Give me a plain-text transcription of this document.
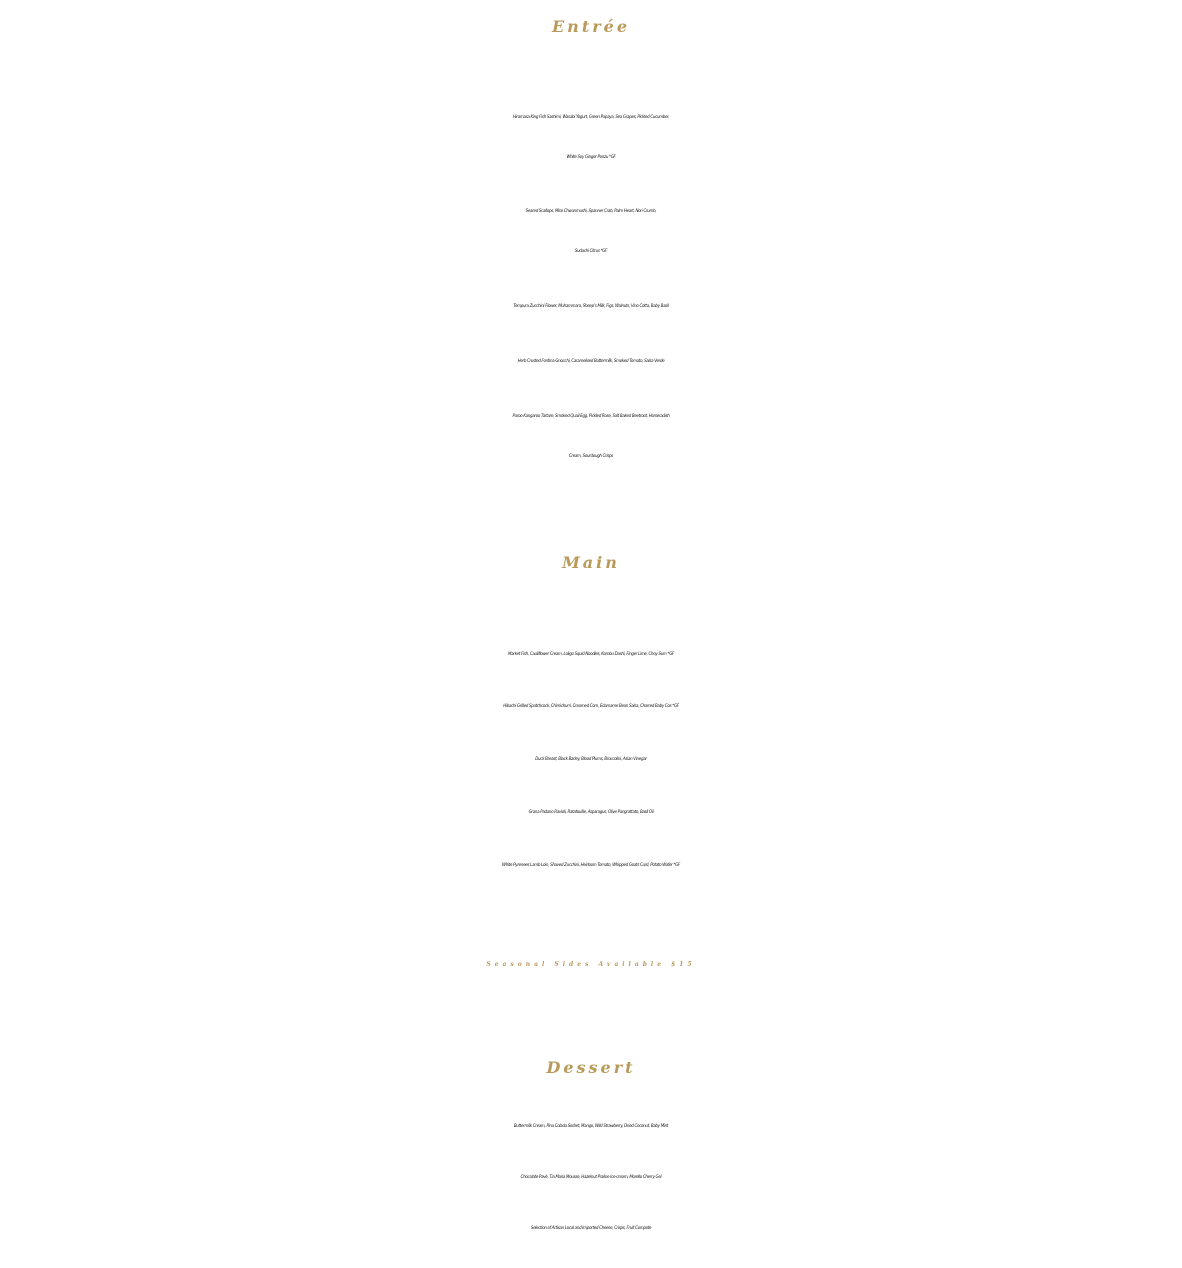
Entrée
Hiramasa King Fish Sashimi, Wasabi Yogurt, Green Papaya, Sea Grapes, Pickled Cucumber,
White Soy Ginger Ponzu *GF
Seared Scallops, Miso Chwanmushi, Spanner Crab, Palm Heart, Nori Crumb,
Sudachi Citrus *GF
Tempura Zucchini Flower, Muhammara, Sheep’s Milk, Figs, Walnuts, Vino Cotta, Baby Basil
Herb Crusted Fontina Gnocchi, Caramelised Buttermilk, Smoked Tomato, Salsa Verde
Paroo Kangaroo Tartare, Smoked Quail Egg, Pickled Rose, Salt Baked Beetroot, Horseradish
Cream, Sourdough Crisps
Main
Market Fish, Cauliflower Cream, Loligo Squid Noodles, Kombu Dashi, Finger Lime, Choy Sum *GF
Hibachi Grilled Spatchcock, Chimichurri, Creamed Corn, Edamame Bean Salsa, Charred Baby Cos *GF
Duck Breast, Black Barley, Blood Plums, Broccolini, Asian Vinegar
Grana Padano Ravioli, Ratatouille, Asparagus, Olive Pangrattato, Basil Oil
White Pyrenees Lamb Loin, Shaved Zucchini, Heirloom Tomato, Whipped Goats Curd, Potato Wafer *GF
Seasonal Sides Available $15
Dessert
Buttermilk Cream, Pina Colada Sorbet, Mango, Wild Strawberry, Dried Coconut, Baby Mint
Chocolate Pavè, Tia Maria Mousse, Hazelnut Praline Ice-cream, Morello Cherry Gel
Selection of Artisan Local and Imported Cheese, Crisps, Fruit Compote
